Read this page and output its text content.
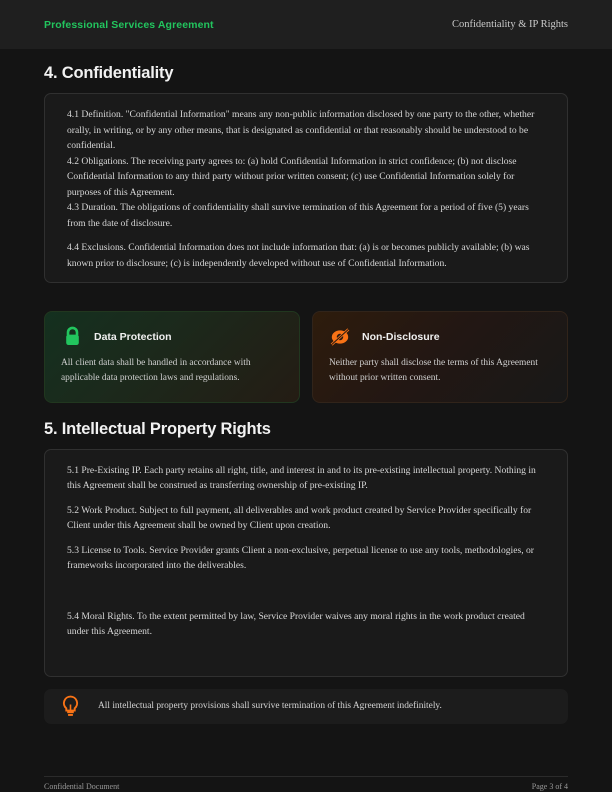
Professional Services Agreement	Confidentiality & IP Rights
4. Confidentiality

4.1 Definition. "Confidential Information" means any non-public information disclosed by one party to the other, whether orally, in writing, or by any other means, that is designated as confidential or that reasonably should be understood to be confidential.

4.2 Obligations. The receiving party agrees to: (a) hold Confidential Information in strict confidence; (b) not disclose Confidential Information to any third party without prior written consent; (c) use Confidential Information solely for purposes of this Agreement.

4.3 Duration. The obligations of confidentiality shall survive termination of this Agreement for a period of five (5) years from the date of disclosure.

4.4 Exclusions. Confidential Information does not include information that: (a) is or becomes publicly available; (b) was known prior to disclosure; (c) is independently developed without use of Confidential Information.

Data Protection
All client data shall be handled in accordance with applicable data protection laws and regulations.
Non-Disclosure
Neither party shall disclose the terms of this Agreement without prior written consent.
5. Intellectual Property Rights

5.1 Pre-Existing IP. Each party retains all right, title, and interest in and to its pre-existing intellectual property. Nothing in this Agreement shall be construed as transferring ownership of pre-existing IP.

5.2 Work Product. Subject to full payment, all deliverables and work product created by Service Provider specifically for Client under this Agreement shall be owned by Client upon creation.

5.3 License to Tools. Service Provider grants Client a non-exclusive, perpetual license to use any tools, methodologies, or frameworks incorporated into the deliverables.

5.4 Moral Rights. To the extent permitted by law, Service Provider waives any moral rights in the work product created under this Agreement.

All intellectual property provisions shall survive termination of this Agreement indefinitely.
Confidential Document	Page 3 of 4
